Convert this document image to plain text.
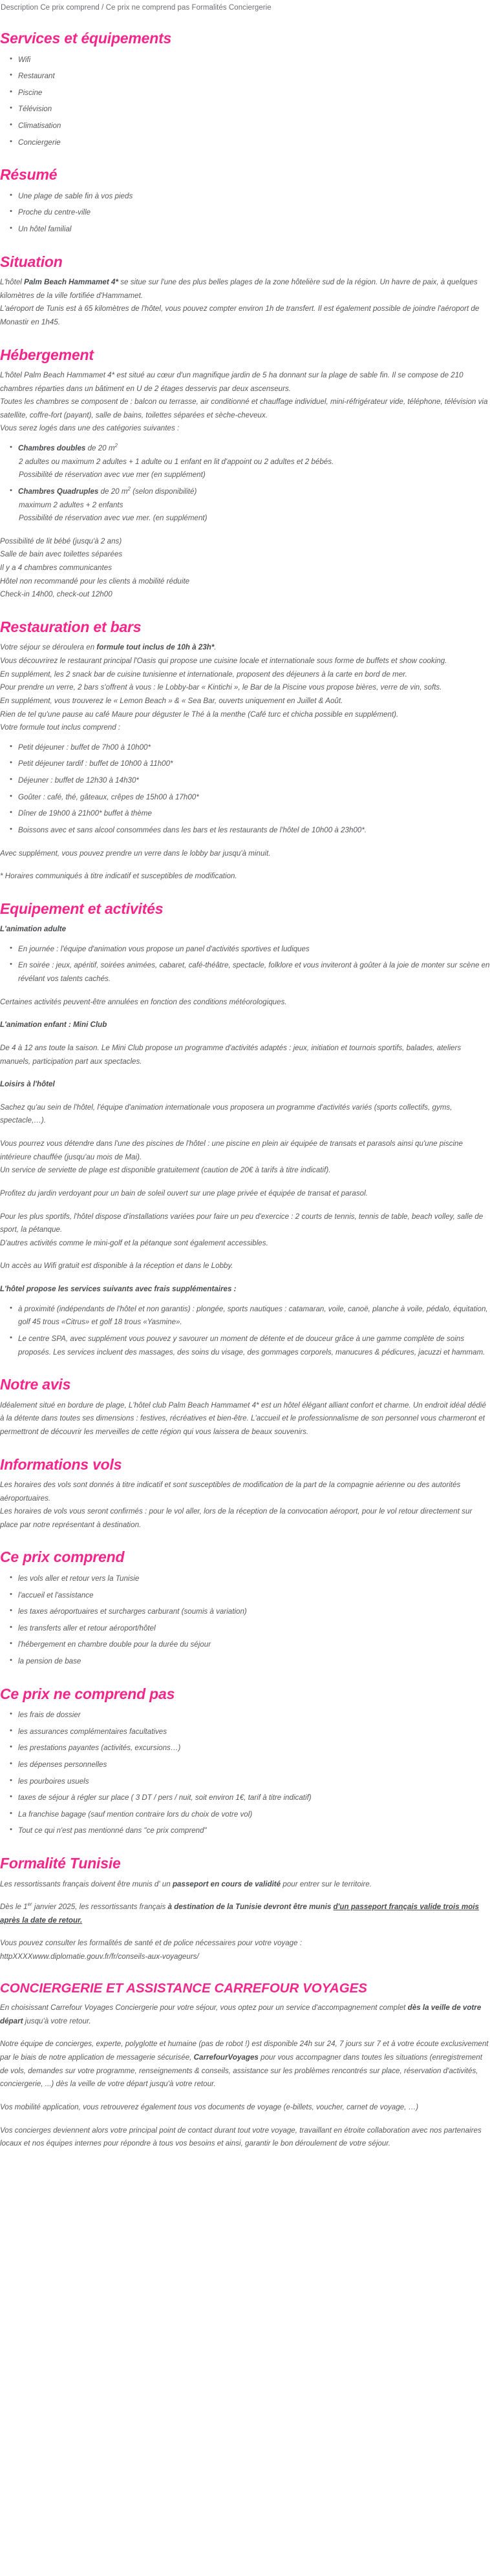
Description Ce prix comprend / Ce prix ne comprend pas Formalités Conciergerie
Services et équipements
• Wifi
• Restaurant
• Piscine
• Télévision
• Climatisation
• Conciergerie
Résumé
• Une plage de sable fin à vos pieds
• Proche du centre-ville
• Un hôtel familial
Situation

L'hôtel Palm Beach Hammamet 4* se situe sur l'une des plus belles plages de la zone hôtelière sud de la région. Un havre de paix, à quelques kilomètres de la ville fortifiée d'Hammamet.

L'aéroport de Tunis est à 65 kilomètres de l'hôtel, vous pouvez compter environ 1h de transfert. Il est également possible de joindre l'aéroport de Monastir en 1h45.

Hébergement

L'hôtel Palm Beach Hammamet 4* est situé au cœur d'un magnifique jardin de 5 ha donnant sur la plage de sable fin. Il se compose de 210 chambres réparties dans un bâtiment en U de 2 étages desservis par deux ascenseurs.

Toutes les chambres se composent de : balcon ou terrasse, air conditionné et chauffage individuel, mini-réfrigérateur vide, téléphone, télévision via satellite, coffre-fort (payant), salle de bains, toilettes séparées et sèche-cheveux.

Vous serez logés dans une des catégories suivantes :

• Chambres doubles de 20 $m^2$
2 adultes ou maximum 2 adultes + 1 adulte ou 1 enfant en lit d'appoint ou 2 adultes et 2 bébés.
Possibilité de réservation avec vue mer (en supplément)
• Chambres Quadruples de 20 $m^2$ (selon disponibilité)
maximum 2 adultes + 2 enfants
Possibilité de réservation avec vue mer. (en supplément)

Possibilité de lit bébé (jusqu'à 2 ans)

Salle de bain avec toilettes séparées

Il y a 4 chambres communicantes

Hôtel non recommandé pour les clients à mobilité réduite

Check-in 14h00, check-out 12h00

Restauration et bars

Votre séjour se déroulera en formule tout inclus de 10h à 23h*.

Vous découvrirez le restaurant principal l'Oasis qui propose une cuisine locale et internationale sous forme de buffets et show cooking.

En supplément, les 2 snack bar de cuisine tunisienne et internationale, proposent des déjeuners à la carte en bord de mer.

Pour prendre un verre, 2 bars s'offrent à vous : le Lobby-bar « Kintichi », le Bar de la Piscine vous propose bières, verre de vin, softs.

En supplément, vous trouverez le « Lemon Beach » & « Sea Bar, ouverts uniquement en Juillet & Août.

Rien de tel qu'une pause au café Maure pour déguster le Thé à la menthe (Café turc et chicha possible en supplément).

Votre formule tout inclus comprend :

• Petit déjeuner : buffet de 7h00 à 10h00*
• Petit déjeuner tardif : buffet de 10h00 à 11h00*
• Déjeuner : buffet de 12h30 à 14h30*
• Goûter : café, thé, gâteaux, crêpes de 15h00 à 17h00*
• Dîner de 19h00 à 21h00* buffet à thème
• Boissons avec et sans alcool consommées dans les bars et les restaurants de l'hôtel de 10h00 à 23h00*.

Avec supplément, vous pouvez prendre un verre dans le lobby bar jusqu'à minuit.

* Horaires communiqués à titre indicatif et susceptibles de modification.

Equipement et activités

L'animation adulte

• En journée : l'équipe d'animation vous propose un panel d'activités sportives et ludiques
• En soirée : jeux, apéritif, soirées animées, cabaret, café-théâtre, spectacle, folklore et vous inviteront à goûter à la joie de monter sur scène en révélant vos talents cachés.

Certaines activités peuvent-être annulées en fonction des conditions météorologiques.

L'animation enfant : Mini Club

De 4 à 12 ans toute la saison. Le Mini Club propose un programme d'activités adaptés : jeux, initiation et tournois sportifs, balades, ateliers manuels, participation part aux spectacles.

Loisirs à l'hôtel

Sachez qu'au sein de l'hôtel, l'équipe d'animation internationale vous proposera un programme d'activités variés (sports collectifs, gyms, spectacle,…).

Vous pourrez vous détendre dans l'une des piscines de l'hôtel : une piscine en plein air équipée de transats et parasols ainsi qu'une piscine intérieure chauffée (jusqu'au mois de Mai).

Un service de serviette de plage est disponible gratuitement (caution de 20€ à tarifs à titre indicatif).

Profitez du jardin verdoyant pour un bain de soleil ouvert sur une plage privée et équipée de transat et parasol.

Pour les plus sportifs, l'hôtel dispose d'installations variées pour faire un peu d'exercice : 2 courts de tennis, tennis de table, beach volley, salle de sport, la pétanque.

D'autres activités comme le mini-golf et la pétanque sont également accessibles.

Un accès au Wifi gratuit est disponible à la réception et dans le Lobby.

L'hôtel propose les services suivants avec frais supplémentaires :

• à proximité (indépendants de l'hôtel et non garantis) : plongée, sports nautiques : catamaran, voile, canoë, planche à voile, pédalo, équitation, golf 45 trous «Citrus» et golf 18 trous «Yasmine».
• Le centre SPA, avec supplément vous pouvez y savourer un moment de détente et de douceur grâce à une gamme complète de soins proposés. Les services incluent des massages, des soins du visage, des gommages corporels, manucures & pédicures, jacuzzi et hammam.
Notre avis

Idéalement situé en bordure de plage, L'hôtel club Palm Beach Hammamet 4* est un hôtel élégant alliant confort et charme. Un endroit idéal dédié à la détente dans toutes ses dimensions : festives, récréatives et bien-être. L'accueil et le professionnalisme de son personnel vous charmeront et permettront de découvrir les merveilles de cette région qui vous laissera de beaux souvenirs.

Informations vols

Les horaires des vols sont donnés à titre indicatif et sont susceptibles de modification de la part de la compagnie aérienne ou des autorités aéroportuaires.

Les horaires de vols vous seront confirmés : pour le vol aller, lors de la réception de la convocation aéroport, pour le vol retour directement sur place par notre représentant à destination.

Ce prix comprend
• les vols aller et retour vers la Tunisie
• l'accueil et l'assistance
• les taxes aéroportuaires et surcharges carburant (soumis à variation)
• les transferts aller et retour aéroport/hôtel
• l'hébergement en chambre double pour la durée du séjour
• la pension de base
Ce prix ne comprend pas
• les frais de dossier
• les assurances complémentaires facultatives
• les prestations payantes (activités, excursions…)
• les dépenses personnelles
• les pourboires usuels
• taxes de séjour à régler sur place ( 3 DT / pers / nuit, soit environ 1€, tarif à titre indicatif)
• La franchise bagage (sauf mention contraire lors du choix de votre vol)
• Tout ce qui n'est pas mentionné dans "ce prix comprend"
Formalité Tunisie

Les ressortissants français doivent être munis d' un passeport en cours de validité pour entrer sur le territoire.

Dès le 1er janvier 2025, les ressortissants français à destination de la Tunisie devront être munis d'un passeport français valide trois mois après la date de retour.

Vous pouvez consulter les formalités de santé et de police nécessaires pour votre voyage :

httpXXXXwww.diplomatie.gouv.fr/fr/conseils-aux-voyageurs/

CONCIERGERIE ET ASSISTANCE CARREFOUR VOYAGES

En choisissant Carrefour Voyages Conciergerie pour votre séjour, vous optez pour un service d'accompagnement complet dès la veille de votre départ jusqu'à votre retour.

Notre équipe de concierges, experte, polyglotte et humaine (pas de robot !) est disponible 24h sur 24, 7 jours sur 7 et à votre écoute exclusivement par le biais de notre application de messagerie sécurisée, CarrefourVoyages pour vous accompagner dans toutes les situations (enregistrement de vols, demandes sur votre programme, renseignements & conseils, assistance sur les problèmes rencontrés sur place, réservation d'activités, conciergerie, ...) dès la veille de votre départ jusqu'à votre retour.

Vos mobilité application, vous retrouverez également tous vos documents de voyage (e-billets, voucher, carnet de voyage, …)

Vos concierges deviennent alors votre principal point de contact durant tout votre voyage, travaillant en étroite collaboration avec nos partenaires locaux et nos équipes internes pour répondre à tous vos besoins et ainsi, garantir le bon déroulement de votre séjour.
